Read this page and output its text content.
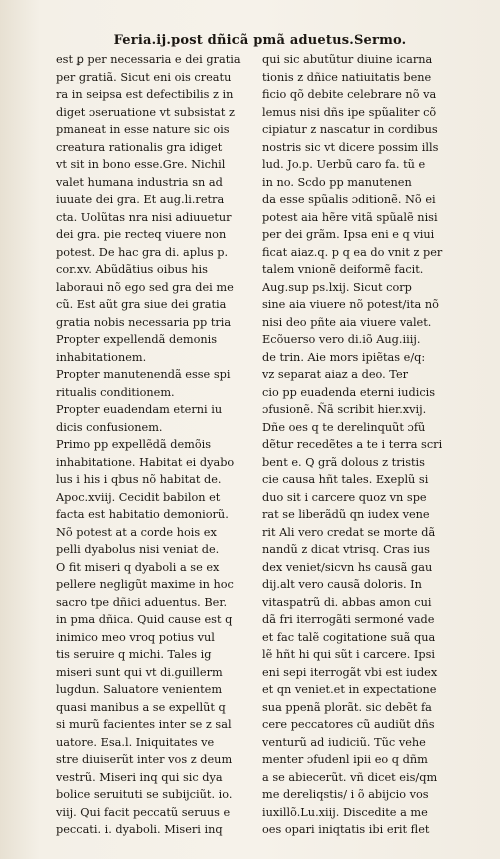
Feria.ij.post dñicã pmã aduetus.Sermo.
est ꝑ per necessaria e dei gratia
per gratiã. Sicut eni ois creatu
ra in seipsa est defectibilis z in
diget ɔseruatione vt subsistat z
pmaneat in esse nature sic ois
creatura rationalis gra idiget
vt sit in bono esse.Gre. Nichil
valet humana industria sn ad
iuuate dei gra. Et aug.li.retra
cta. Uolũtas nra nisi adiuuetur
dei gra. pie recteq viuere non
potest. De hac gra di. aplus p.
cor.xv. Abũdãtius oibus his
laboraui nõ ego sed gra dei me
cũ. Est aũt gra siue dei gratia
gratia nobis necessaria pp tria
Propter expellendã demonis
inhabitationem.
Propter manutenendã esse spi
ritualis conditionem.
Propter euadendam eterni iu
dicis confusionem.
Primo pp expellẽdã demõis
inhabitatione. Habitat ei dyabo
lus i his i qbus nõ habitat de.
Apoc.xviij. Cecidit babilon et
facta est habitatio demoniorũ.
Nõ potest at a corde hois ex
pelli dyabolus nisi veniat de.
O fit miseri q dyaboli a se ex
pellere negligũt maxime in hoc
sacro tpe dñici aduentus. Ber.
in pma dñica. Quid cause est q
inimico meo vroq potius vul
tis seruire q michi. Tales ig
miseri sunt qui vt di.guillerm
lugdun. Saluatore venientem
quasi manibus a se expellũt q
si murũ facientes inter se z sal
uatore. Esa.l. Iniquitates ve
stre diuiserũt inter vos z deum
vestrũ. Miseri inq qui sic dya
bolice seruituti se subijciũt. io.
viij. Qui facit peccatũ seruus e
peccati. i. dyaboli. Miseri inq
qui sic abutũtur diuine icarna
tionis z dñice natiuitatis bene
ficio qõ debite celebrare nõ va
lemus nisi dñs ipe spũaliter cõ
cipiatur z nascatur in cordibus
nostris sic vt dicere possim ills
lud. Jo.p. Uerbũ caro fa. tũ e
in no. Scdo pp manutenen
da esse spũalis ɔditionẽ. Nõ ei
potest aia hẽre vitã spũalẽ nisi
per dei grãm. Ipsa eni e q viui
ficat aiaz.q. p q ea do vnit z per
talem vnionẽ deiformẽ facit.
Aug.sup ps.lxij. Sicut corp
sine aia viuere nõ potest/ita nõ
nisi deo pñte aia viuere valet.
Ecõuerso vero di.iõ Aug.iiij.
de trin. Aie mors ipiẽtas e/q:
vz separat aiaz a deo. Ter
cio pp euadenda eterni iudicis
ɔfusionẽ. Ñã scribit hier.xvij.
Dñe oes q te derelinquũt ɔfũ
dẽtur recedẽtes a te i terra scri
bent e. Q grã dolous z tristis
cie causa hñt tales. Exeplũ si
duo sit i carcere quoz vn spe
rat se liberãdũ qn iudex vene
rit Ali vero credat se morte dã
nandũ z dicat vtrisq. Cras ius
dex veniet/sicvn hs causã gau
dij.alt vero causã doloris. In
vitaspatrũ di. abbas amon cui
dã fri iterrogãti sermoné vade
et fac talẽ cogitatione suã qua
lẽ hñt hi qui sũt i carcere. Ipsi
eni sepi iterrogãt vbi est iudex
et qn veniet.et in expectatione
sua ppenã plorãt. sic debẽt fa
cere peccatores cũ audiũt dñs
venturũ ad iudiciũ. Tũc vehe
menter ɔfudenl ipii eo q dñm
a se abiecerũt. vñ dicet eis/qm
me dereliqstis/ i õ abijcio vos
iuxillõ.Lu.xiij. Discedite a me
oes opari iniqtatis ibi erit flet
